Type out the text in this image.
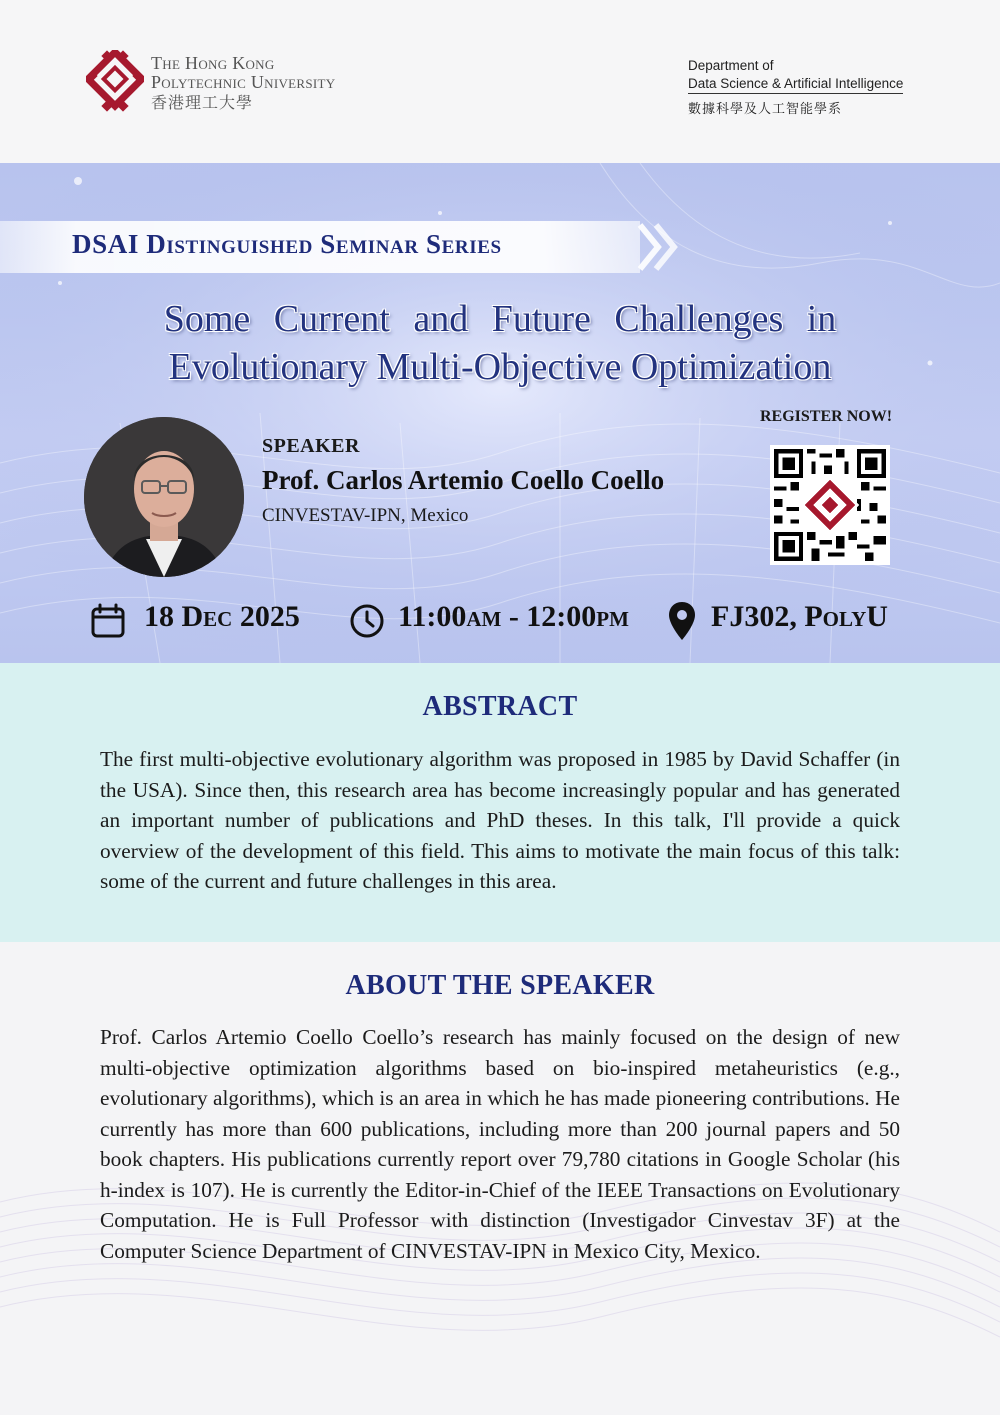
The Hong Kong
Polytechnic University
香港理工大學
Department of
Data Science & Artificial Intelligence
數據科學及人工智能學系
DSAI Distinguished Seminar Series
Some Current and Future Challenges in
Evolutionary Multi-Objective Optimization
SPEAKER
Prof. Carlos Artemio Coello Coello
CINVESTAV-IPN, Mexico
REGISTER NOW!
18 Dec 2025	11:00am - 12:00pm	FJ302, PolyU
ABSTRACT
The first multi-objective evolutionary algorithm was proposed in 1985 by David Schaffer (in the USA). Since then, this research area has become increasingly popular and has generated an important number of publications and PhD theses. In this talk, I'll provide a quick overview of the development of this field. This aims to motivate the main focus of this talk: some of the current and future challenges in this area.
ABOUT THE SPEAKER
Prof. Carlos Artemio Coello Coello’s research has mainly focused on the design of new multi-objective optimization algorithms based on bio-inspired metaheuristics (e.g., evolutionary algorithms), which is an area in which he has made pioneering contributions. He currently has more than 600 publications, including more than 200 journal papers and 50 book chapters. His publications currently report over 79,780 citations in Google Scholar (his h-index is 107). He is currently the Editor-in-Chief of the IEEE Transactions on Evolutionary Computation. He is Full Professor with distinction (Investigador Cinvestav 3F) at the Computer Science Department of CINVESTAV-IPN in Mexico City, Mexico.
